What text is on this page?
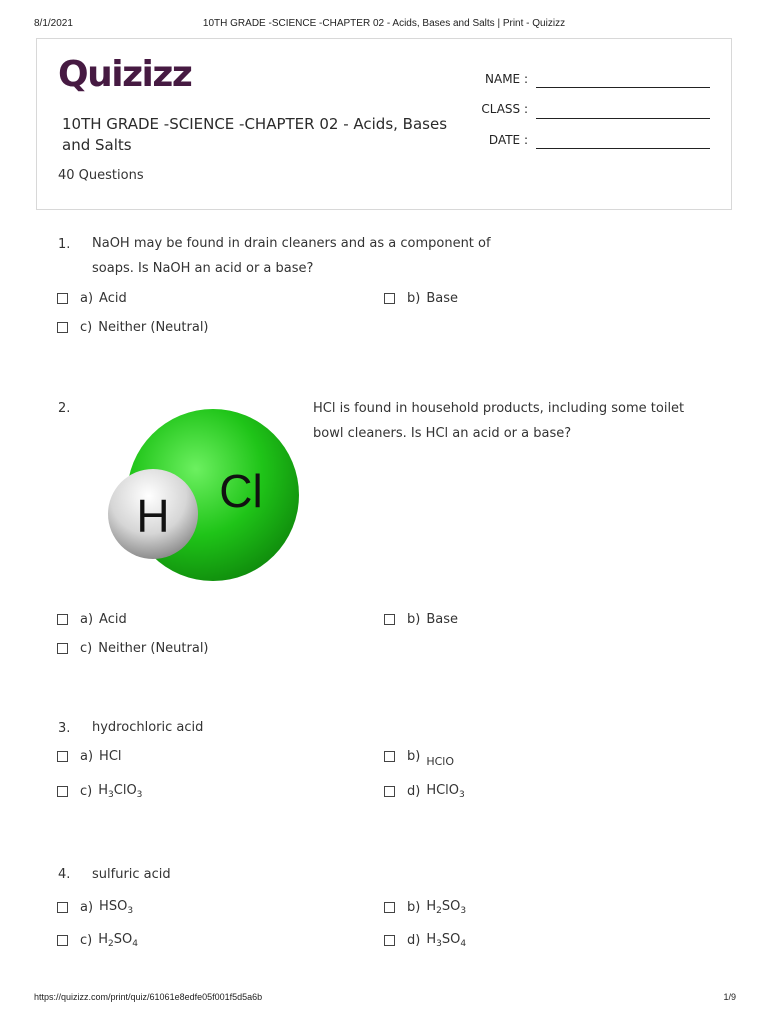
8/1/2021	10TH GRADE -SCIENCE -CHAPTER 02 - Acids, Bases and Salts | Print - Quizizz
Quizizz
10TH GRADE -SCIENCE -CHAPTER 02 - Acids, Bases and Salts
40 Questions
NAME :
CLASS :
DATE :
1. NaOH may be found in drain cleaners and as a component of soaps. Is NaOH an acid or a base?
a) Acid	b) Base
c) Neither (Neutral)
2.
Cl
H
HCl is found in household products, including some toilet bowl cleaners. Is HCl an acid or a base?
a) Acid	b) Base
c) Neither (Neutral)
3. hydrochloric acid
a) HCl	b) HClO
c) $H_3ClO_3$	d) HClO$_3$
4. sulfuric acid
a) $HSO_3$	b) $H_2SO_3$
c) $H_2SO_4$	d) $H_3SO_4$
https://quizizz.com/print/quiz/61061e8edfe05f001f5d5a6b	1/9
